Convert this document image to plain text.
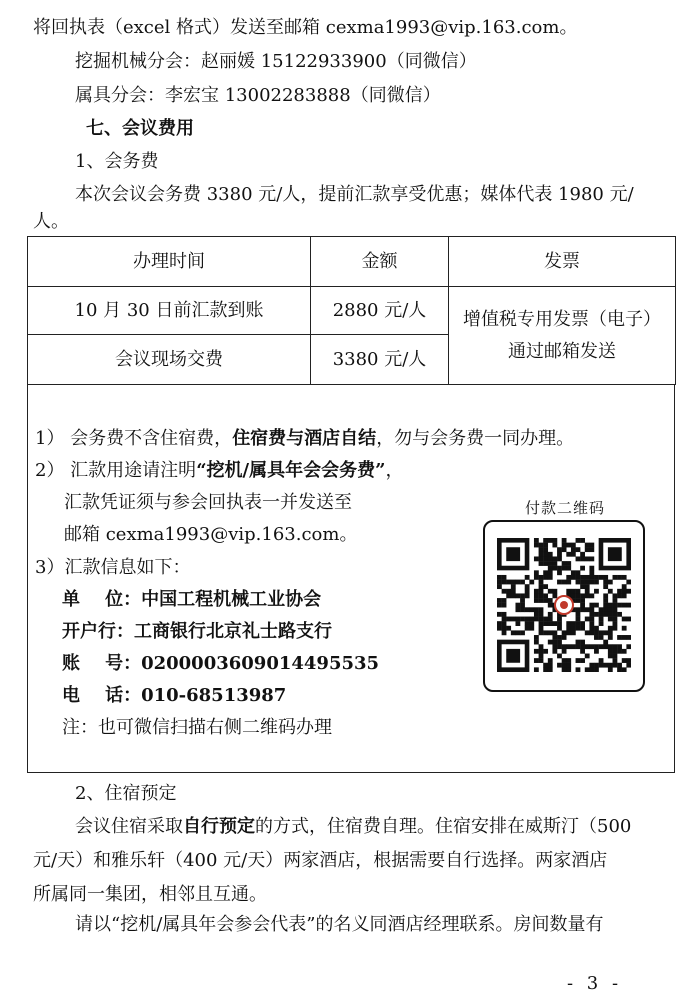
将回执表（excel 格式）发送至邮箱 cexma1993@vip.163.com。
挖掘机械分会：赵丽媛 15122933900（同微信）
属具分会：李宏宝 13002283888（同微信）
七、会议费用
1、会务费
本次会议会务费 3380 元/人，提前汇款享受优惠；媒体代表 1980 元/
人。
办理时间	金额	发票
10 月 30 日前汇款到账	2880 元/人	增值税专用发票（电子）
通过邮箱发送

会议现场交费	3380 元/人	
1） 会务费不含住宿费，住宿费与酒店自结，勿与会务费一同办理。
2） 汇款用途请注明“挖机/属具年会会务费”，
汇款凭证须与参会回执表一并发送至
邮箱 cexma1993@vip.163.com。
3）汇款信息如下：
单    位：中国工程机械工业协会
开户行：工商银行北京礼士路支行
账    号：0200003609014495535
电    话：010-68513987
注：也可微信扫描右侧二维码办理
付款二维码
2、住宿预定
会议住宿采取自行预定的方式，住宿费自理。住宿安排在威斯汀（500
元/天）和雅乐轩（400 元/天）两家酒店，根据需要自行选择。两家酒店
所属同一集团，相邻且互通。
请以“挖机/属具年会参会代表”的名义同酒店经理联系。房间数量有
- 3 -
